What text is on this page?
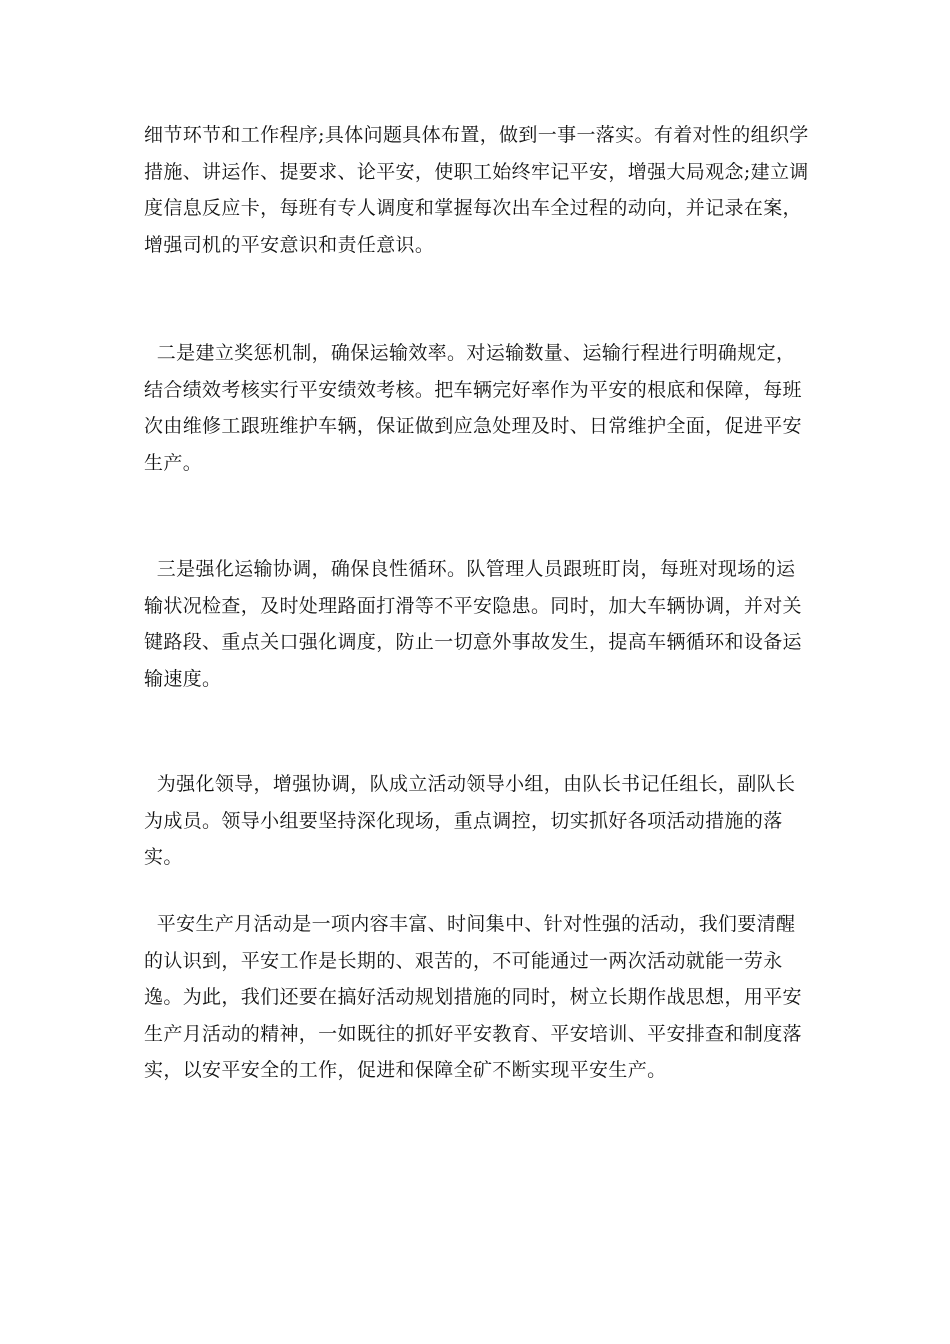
细节环节和工作程序;具体问题具体布置，做到一事一落实。有着对性的组织学措施、讲运作、提要求、论平安，使职工始终牢记平安，增强大局观念;建立调度信息反应卡，每班有专人调度和掌握每次出车全过程的动向，并记录在案，增强司机的平安意识和责任意识。

二是建立奖惩机制，确保运输效率。对运输数量、运输行程进行明确规定，结合绩效考核实行平安绩效考核。把车辆完好率作为平安的根底和保障，每班次由维修工跟班维护车辆，保证做到应急处理及时、日常维护全面，促进平安生产。

三是强化运输协调，确保良性循环。队管理人员跟班盯岗，每班对现场的运输状况检查，及时处理路面打滑等不平安隐患。同时，加大车辆协调，并对关键路段、重点关口强化调度，防止一切意外事故发生，提高车辆循环和设备运输速度。

为强化领导，增强协调，队成立活动领导小组，由队长书记任组长，副队长为成员。领导小组要坚持深化现场，重点调控，切实抓好各项活动措施的落实。

平安生产月活动是一项内容丰富、时间集中、针对性强的活动，我们要清醒的认识到，平安工作是长期的、艰苦的，不可能通过一两次活动就能一劳永逸。为此，我们还要在搞好活动规划措施的同时，树立长期作战思想，用平安生产月活动的精神，一如既往的抓好平安教育、平安培训、平安排查和制度落实，以安平安全的工作，促进和保障全矿不断实现平安生产。
